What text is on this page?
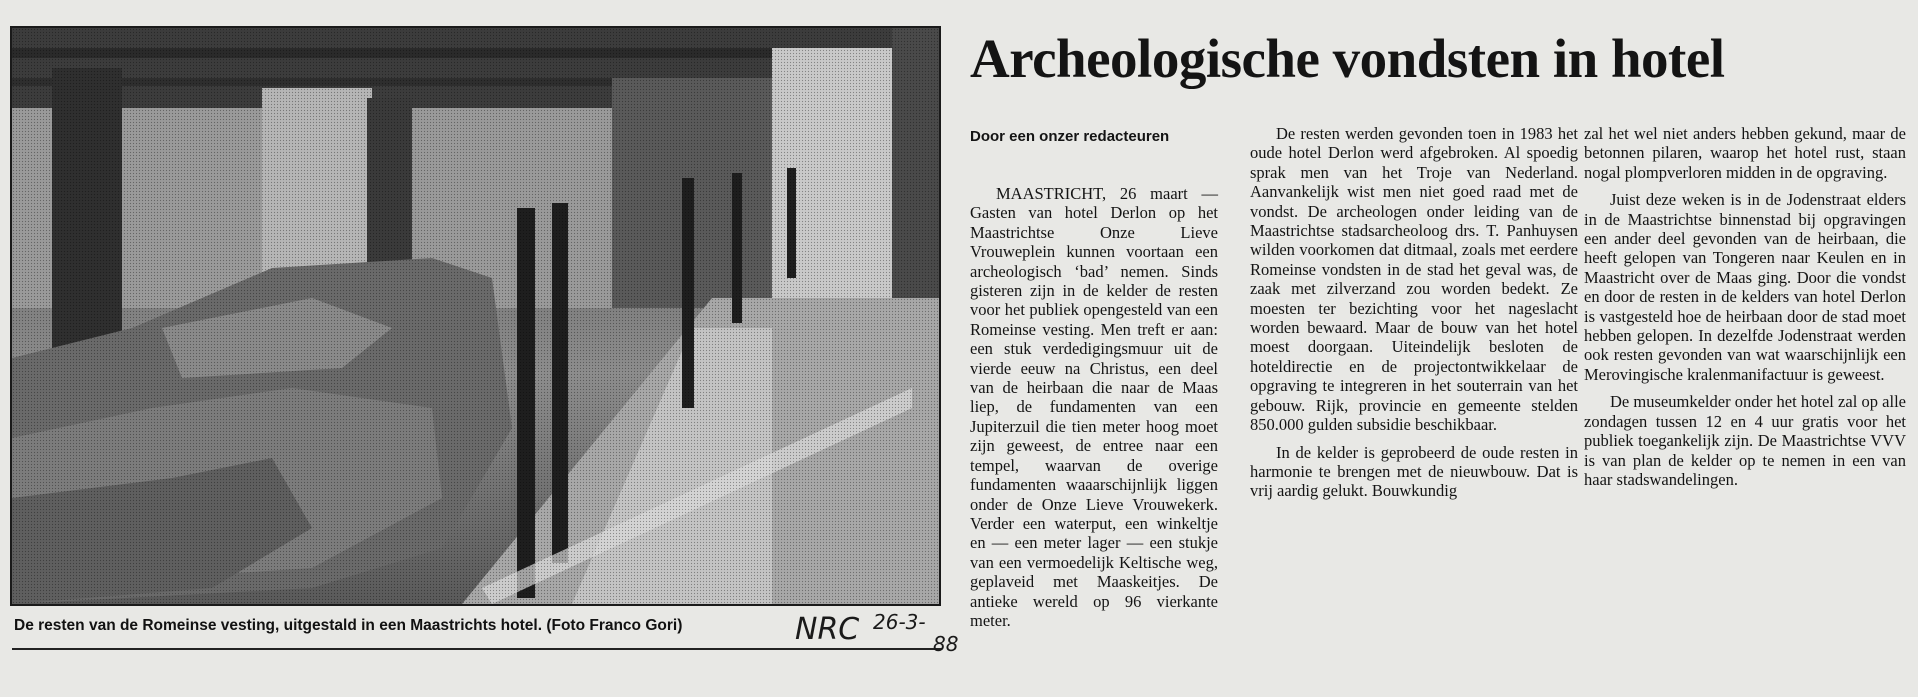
De resten van de Romeinse vesting, uitgestald in een Maastrichts hotel. (Foto Franco Gori)	NRC 26-3-
88
Archeologische vondsten in hotel
Door een onzer redacteuren

MAASTRICHT, 26 maart — Gasten van hotel Derlon op het Maastrichtse Onze Lieve Vrouweplein kunnen voortaan een archeologisch ‘bad’ nemen. Sinds gisteren zijn in de kelder de resten voor het publiek opengesteld van een Romeinse vesting. Men treft er aan: een stuk verdedigingsmuur uit de vierde eeuw na Christus, een deel van de heirbaan die naar de Maas liep, de fundamenten van een Jupiterzuil die tien meter hoog moet zijn geweest, de entree naar een tempel, waarvan de overige fundamenten waaarschijnlijk liggen onder de Onze Lieve Vrouwekerk. Verder een waterput, een winkeltje en — een meter lager — een stukje van een vermoedelijk Keltische weg, geplaveid met Maaskeitjes. De antieke wereld op 96 vierkante meter.

De resten werden gevonden toen in 1983 het oude hotel Derlon werd afgebroken. Al spoedig sprak men van het Troje van Nederland. Aanvankelijk wist men niet goed raad met de vondst. De archeologen onder leiding van de Maastrichtse stadsarcheoloog drs. T. Panhuysen wilden voorkomen dat ditmaal, zoals met eerdere Romeinse vondsten in de stad het geval was, de zaak met zilverzand zou worden bedekt. Ze moesten ter bezichting voor het nageslacht worden bewaard. Maar de bouw van het hotel moest doorgaan. Uiteindelijk besloten de hoteldirectie en de projectontwikkelaar de opgraving te integreren in het souterrain van het gebouw. Rijk, provincie en gemeente stelden 850.000 gulden subsidie beschikbaar.

In de kelder is geprobeerd de oude resten in harmonie te brengen met de nieuwbouw. Dat is vrij aardig gelukt. Bouwkundig

zal het wel niet anders hebben gekund, maar de betonnen pilaren, waarop het hotel rust, staan nogal plompverloren midden in de opgraving.

Juist deze weken is in de Jodenstraat elders in de Maastrichtse binnenstad bij opgravingen een ander deel gevonden van de heirbaan, die heeft gelopen van Tongeren naar Keulen en in Maastricht over de Maas ging. Door die vondst en door de resten in de kelders van hotel Derlon is vastgesteld hoe de heirbaan door de stad moet hebben gelopen. In dezelfde Jodenstraat werden ook resten gevonden van wat waarschijnlijk een Merovingische kralenmanifactuur is geweest.

De museumkelder onder het hotel zal op alle zondagen tussen 12 en 4 uur gratis voor het publiek toegankelijk zijn. De Maastrichtse VVV is van plan de kelder op te nemen in een van haar stadswandelingen.
